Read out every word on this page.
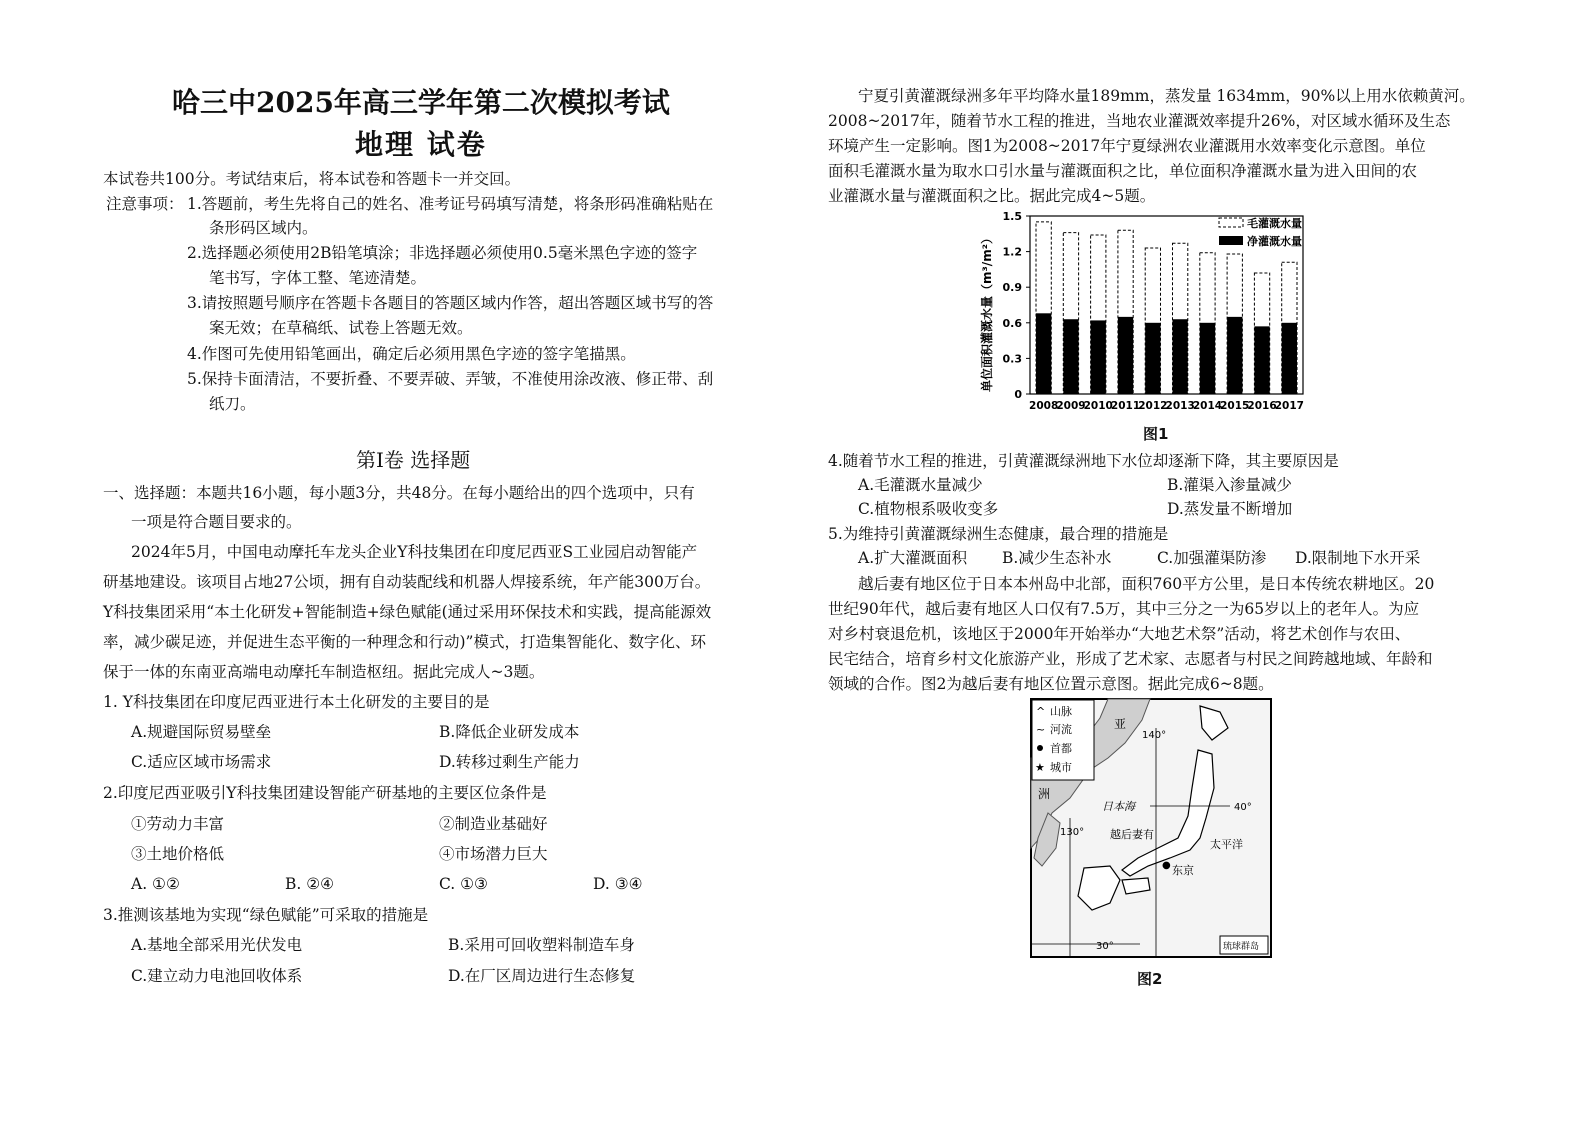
哈三中2025年高三学年第二次模拟考试
地理 试卷
本试卷共100分。考试结束后，将本试卷和答题卡一并交回。
注意事项： 1.答题前，考生先将自己的姓名、准考证号码填写清楚，将条形码准确粘贴在
条形码区域内。
2.选择题必须使用2B铅笔填涂；非选择题必须使用0.5毫米黑色字迹的签字
笔书写，字体工整、笔迹清楚。
3.请按照题号顺序在答题卡各题目的答题区域内作答，超出答题区域书写的答
案无效；在草稿纸、试卷上答题无效。
4.作图可先使用铅笔画出，确定后必须用黑色字迹的签字笔描黑。
5.保持卡面清洁，不要折叠、不要弄破、弄皱，不准使用涂改液、修正带、刮
纸刀。
第Ⅰ卷 选择题
一、选择题：本题共16小题，每小题3分，共48分。在每小题给出的四个选项中，只有
一项是符合题目要求的。
2024年5月，中国电动摩托车龙头企业Y科技集团在印度尼西亚S工业园启动智能产
研基地建设。该项目占地27公顷，拥有自动装配线和机器人焊接系统，年产能300万台。
Y科技集团采用“本土化研发+智能制造+绿色赋能(通过采用环保技术和实践，提高能源效
率，减少碳足迹，并促进生态平衡的一种理念和行动)”模式，打造集智能化、数字化、环
保于一体的东南亚高端电动摩托车制造枢纽。据此完成人~3题。
1. Y科技集团在印度尼西亚进行本土化研发的主要目的是
A.规避国际贸易壁垒	B.降低企业研发成本
C.适应区域市场需求	D.转移过剩生产能力
2.印度尼西亚吸引Y科技集团建设智能产研基地的主要区位条件是
①劳动力丰富	②制造业基础好
③土地价格低	④市场潜力巨大
A. ①②	B. ②④	C. ①③	D. ③④
3.推测该基地为实现“绿色赋能”可采取的措施是
A.基地全部采用光伏发电	B.采用可回收塑料制造车身
C.建立动力电池回收体系	D.在厂区周边进行生态修复
宁夏引黄灌溉绿洲多年平均降水量189mm，蒸发量 1634mm，90%以上用水依赖黄河。
2008~2017年，随着节水工程的推进，当地农业灌溉效率提升26%，对区域水循环及生态
环境产生一定影响。图1为2008~2017年宁夏绿洲农业灌溉用水效率变化示意图。单位
面积毛灌溉水量为取水口引水量与灌溉面积之比，单位面积净灌溉水量为进入田间的农
业灌溉水量与灌溉面积之比。据此完成4~5题。
单位面积灌溉水量（m³/m²）
0
0.3
0.6
0.9
1.2
1.5
2008
2009
2010
2011
2012
2013
2014
2015
2016
2017
毛灌溉水量
净灌溉水量
图1
4.随着节水工程的推进，引黄灌溉绿洲地下水位却逐渐下降，其主要原因是
A.毛灌溉水量减少	B.灌渠入渗量减少
C.植物根系吸收变多	D.蒸发量不断增加
5.为维持引黄灌溉绿洲生态健康，最合理的措施是
A.扩大灌溉面积 B.减少生态补水	C.加强灌渠防渗 D.限制地下水开采
越后妻有地区位于日本本州岛中北部，面积760平方公里，是日本传统农耕地区。20
世纪90年代，越后妻有地区人口仅有7.5万，其中三分之一为65岁以上的老年人。为应
对乡村衰退危机，该地区于2000年开始举办“大地艺术祭”活动，将艺术创作与农田、
民宅结合，培育乡村文化旅游产业，形成了艺术家、志愿者与村民之间跨越地域、年龄和
领域的合作。图2为越后妻有地区位置示意图。据此完成6~8题。
^ 山脉
~ 河流
首都
★ 城市
亚
洲
140°
日本海	40°
130° 越后妻有
太平洋
● 东京
30°	琉球群岛
图2
